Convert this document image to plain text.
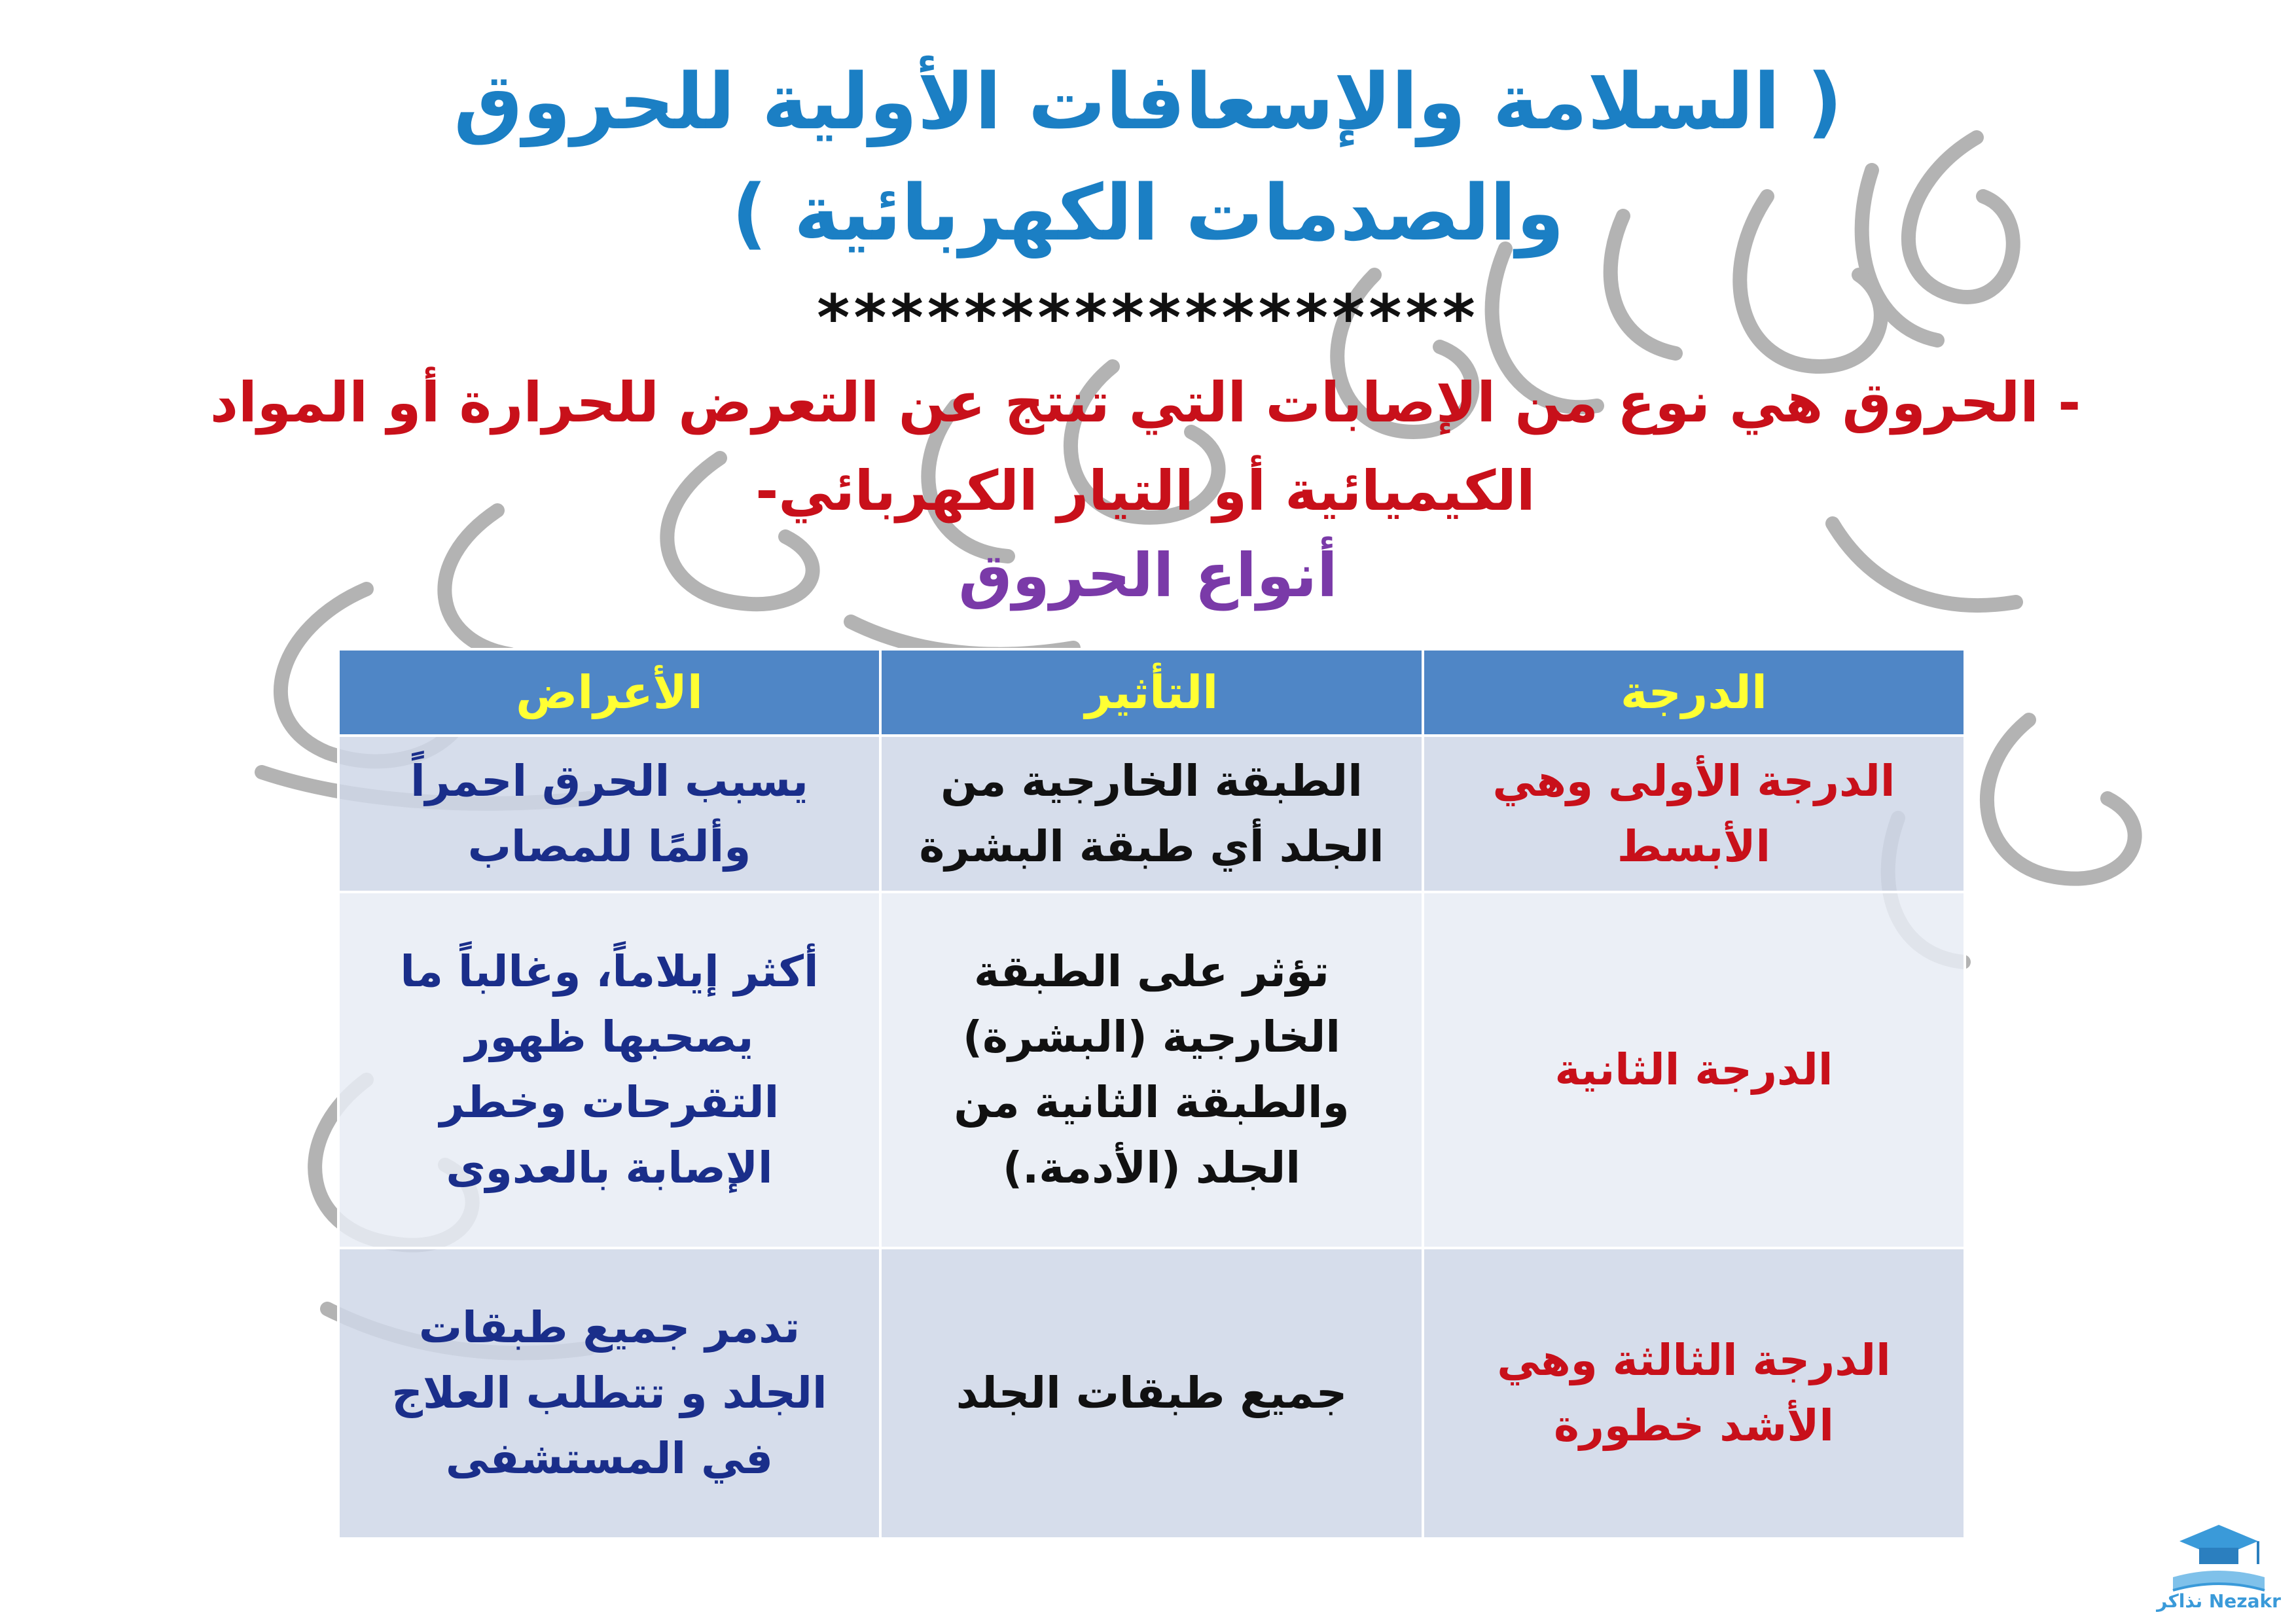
( السلامة والإسعافات الأولية للحروق
والصدمات الكهربائية )
******************
- الحروق هي نوع من الإصابات التي تنتج عن التعرض للحرارة أو المواد
الكيميائية أو التيار الكهربائي-
أنواع الحروق
الدرجة	التأثير	الأعراض
الدرجة الأولى وهي الأبسط	الطبقة الخارجية من الجلد أي طبقة البشرة	يسبب الحرق احمراً وألمًا للمصاب
الدرجة الثانية	تؤثر على الطبقة الخارجية (البشرة) والطبقة الثانية من الجلد (الأدمة.)	أكثر إيلاماً، وغالباً ما يصحبها ظهور التقرحات وخطر الإصابة بالعدوى
الدرجة الثالثة وهي الأشد خطورة	جميع طبقات الجلد	تدمر جميع طبقات الجلد و تتطلب العلاج في المستشفى
نذاكر Nezakr
